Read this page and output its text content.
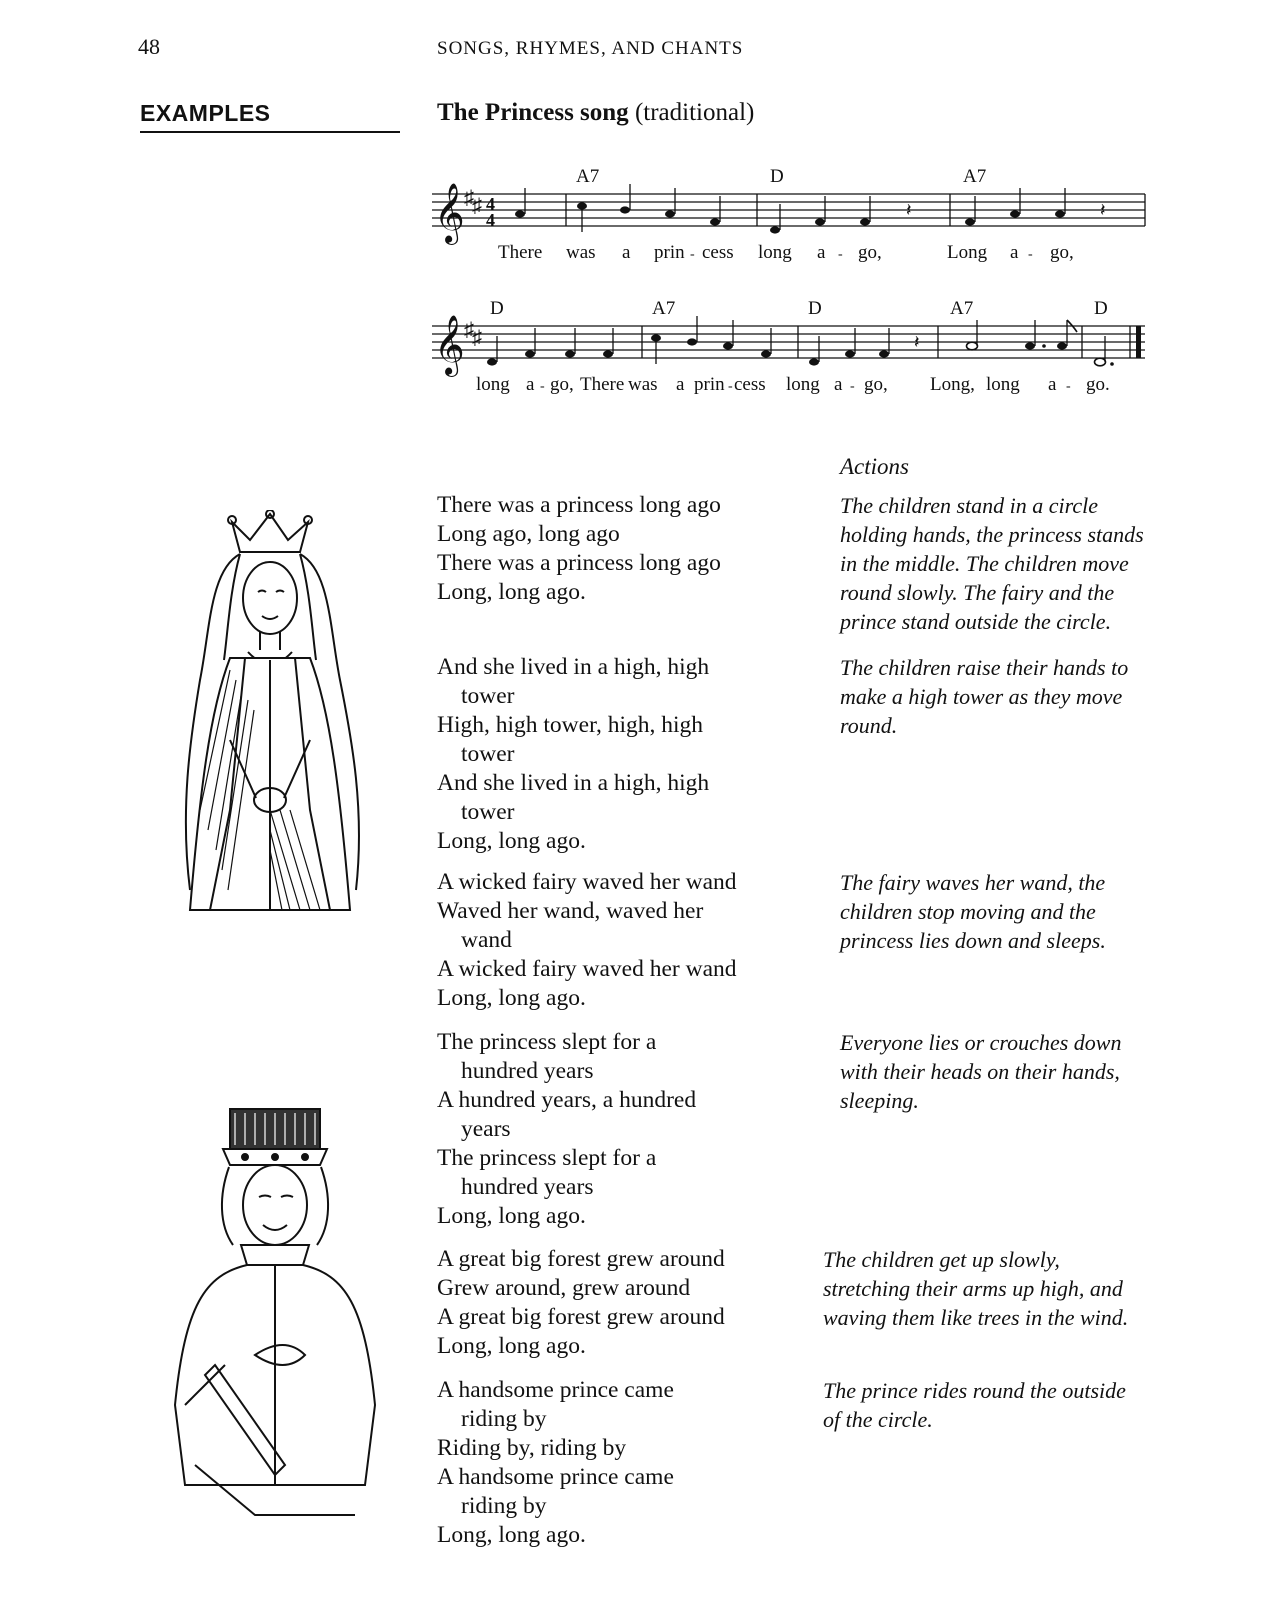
48	SONGS, RHYMES, AND CHANTS
EXAMPLES	The Princess song (traditional)
𝄞 ♯
♯ 4
4	𝄽	𝄽
A7	D	A7
There was a prin - cess long a - go,	Long a - go,
𝄞 ♯
♯	𝄽
D	A7	D	A7	D
long a - go, There was a prin - cess long a - go, Long, long a - go.
Actions
There was a princess long ago
Long ago, long ago
There was a princess long ago
Long, long ago.
The children stand in a circle
holding hands, the princess stands
in the middle. The children move
round slowly. The fairy and the
prince stand outside the circle.
And she lived in a high, high
tower
High, high tower, high, high
tower
And she lived in a high, high
tower
Long, long ago.
The children raise their hands to
make a high tower as they move
round.
A wicked fairy waved her wand
Waved her wand, waved her
wand
A wicked fairy waved her wand
Long, long ago.
The fairy waves her wand, the
children stop moving and the
princess lies down and sleeps.
The princess slept for a
hundred years
A hundred years, a hundred
years
The princess slept for a
hundred years
Long, long ago.
Everyone lies or crouches down
with their heads on their hands,
sleeping.
A great big forest grew around
Grew around, grew around
A great big forest grew around
Long, long ago.
The children get up slowly,
stretching their arms up high, and
waving them like trees in the wind.
A handsome prince came
riding by
Riding by, riding by
A handsome prince came
riding by
Long, long ago.
The prince rides round the outside
of the circle.
